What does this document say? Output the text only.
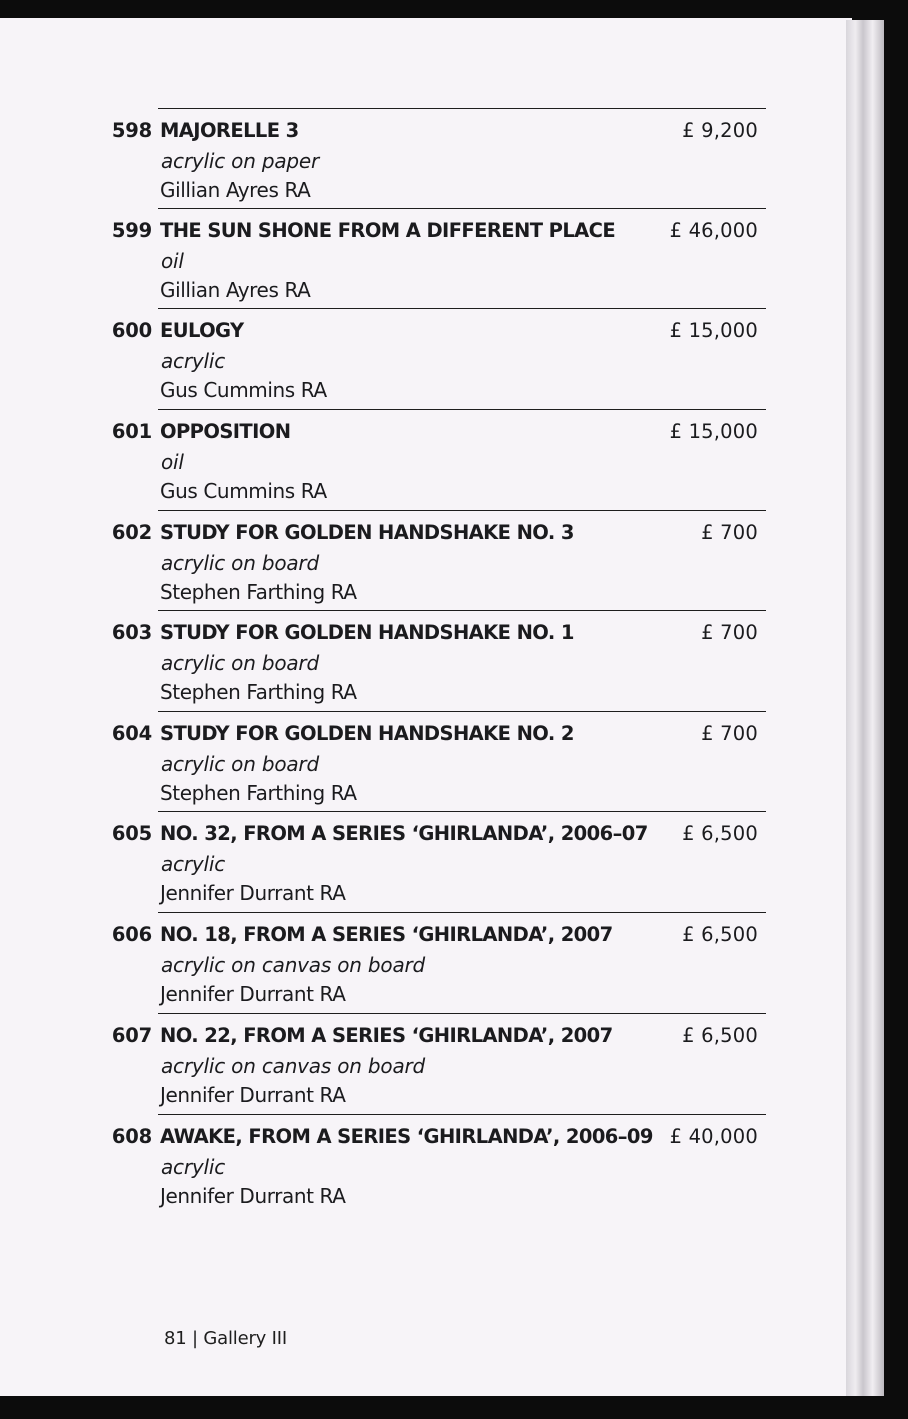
598 MAJORELLE 3
acrylic on paper
Gillian Ayres RA
£ 9,200
599 THE SUN SHONE FROM A DIFFERENT PLACE
oil
Gillian Ayres RA
£ 46,000
600 EULOGY
acrylic
Gus Cummins RA
£ 15,000
601 OPPOSITION
oil
Gus Cummins RA
£ 15,000
602 STUDY FOR GOLDEN HANDSHAKE NO. 3
acrylic on board
Stephen Farthing RA
£ 700
603 STUDY FOR GOLDEN HANDSHAKE NO. 1
acrylic on board
Stephen Farthing RA
£ 700
604 STUDY FOR GOLDEN HANDSHAKE NO. 2
acrylic on board
Stephen Farthing RA
£ 700
605 NO. 32, FROM A SERIES ‘GHIRLANDA’, 2006–07
acrylic
Jennifer Durrant RA
£ 6,500
606 NO. 18, FROM A SERIES ‘GHIRLANDA’, 2007
acrylic on canvas on board
Jennifer Durrant RA
£ 6,500
607 NO. 22, FROM A SERIES ‘GHIRLANDA’, 2007
acrylic on canvas on board
Jennifer Durrant RA
£ 6,500
608 AWAKE, FROM A SERIES ‘GHIRLANDA’, 2006–09
acrylic
Jennifer Durrant RA
£ 40,000
81 | Gallery III
